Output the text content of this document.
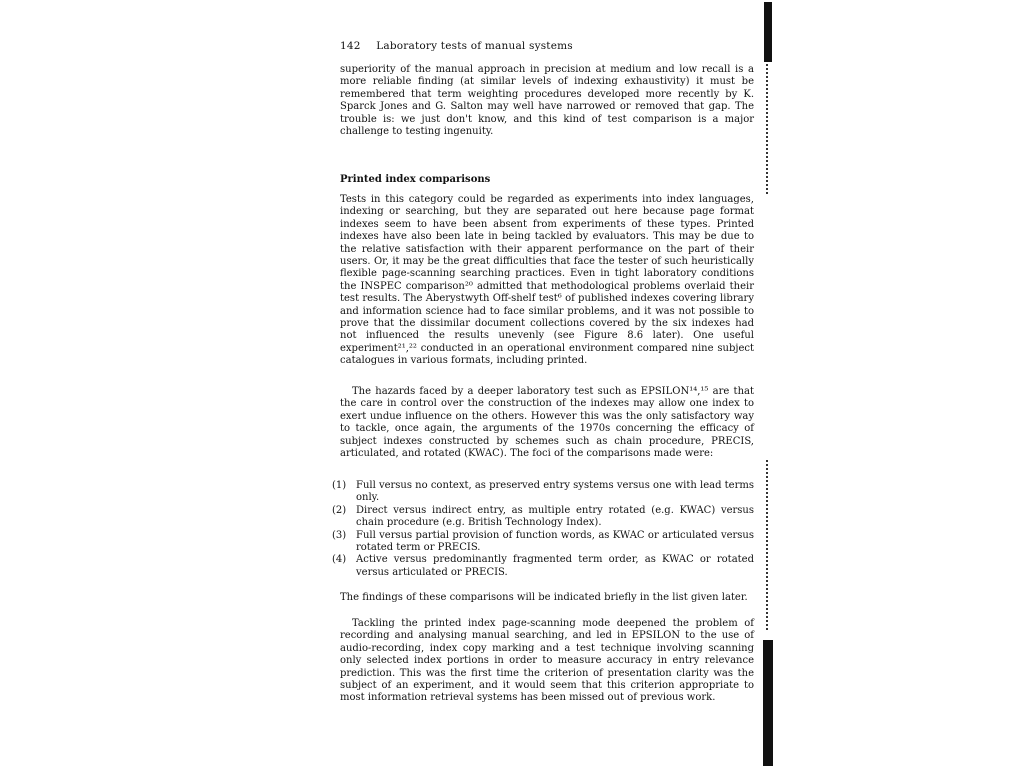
142 Laboratory tests of manual systems
superiority of the manual approach in precision at medium and low recall is a more reliable finding (at similar levels of indexing exhaustivity) it must be remembered that term weighting procedures developed more recently by K. Sparck Jones and G. Salton may well have narrowed or removed that gap. The trouble is: we just don't know, and this kind of test comparison is a major challenge to testing ingenuity.
Printed index comparisons
Tests in this category could be regarded as experiments into index languages, indexing or searching, but they are separated out here because page format indexes seem to have been absent from experiments of these types. Printed indexes have also been late in being tackled by evaluators. This may be due to the relative satisfaction with their apparent performance on the part of their users. Or, it may be the great difficulties that face the tester of such heuristically flexible page-scanning searching practices. Even in tight laboratory conditions the INSPEC comparison²⁰ admitted that methodological problems overlaid their test results. The Aberystwyth Off-shelf test⁶ of published indexes covering library and information science had to face similar problems, and it was not possible to prove that the dissimilar document collections covered by the six indexes had not influenced the results unevenly (see Figure 8.6 later). One useful experiment²¹,²² conducted in an operational environment compared nine subject catalogues in various formats, including printed.
The hazards faced by a deeper laboratory test such as EPSILON¹⁴,¹⁵ are that the care in control over the construction of the indexes may allow one index to exert undue influence on the others. However this was the only satisfactory way to tackle, once again, the arguments of the 1970s concerning the efficacy of subject indexes constructed by schemes such as chain procedure, PRECIS, articulated, and rotated (KWAC). The foci of the comparisons made were:
(1) Full versus no context, as preserved entry systems versus one with lead terms only.
(2) Direct versus indirect entry, as multiple entry rotated (e.g. KWAC) versus chain procedure (e.g. British Technology Index).
(3) Full versus partial provision of function words, as KWAC or articulated versus rotated term or PRECIS.
(4) Active versus predominantly fragmented term order, as KWAC or rotated versus articulated or PRECIS.
The findings of these comparisons will be indicated briefly in the list given later.
Tackling the printed index page-scanning mode deepened the problem of recording and analysing manual searching, and led in EPSILON to the use of audio-recording, index copy marking and a test technique involving scanning only selected index portions in order to measure accuracy in entry relevance prediction. This was the first time the criterion of presentation clarity was the subject of an experiment, and it would seem that this criterion appropriate to most information retrieval systems has been missed out of previous work.
